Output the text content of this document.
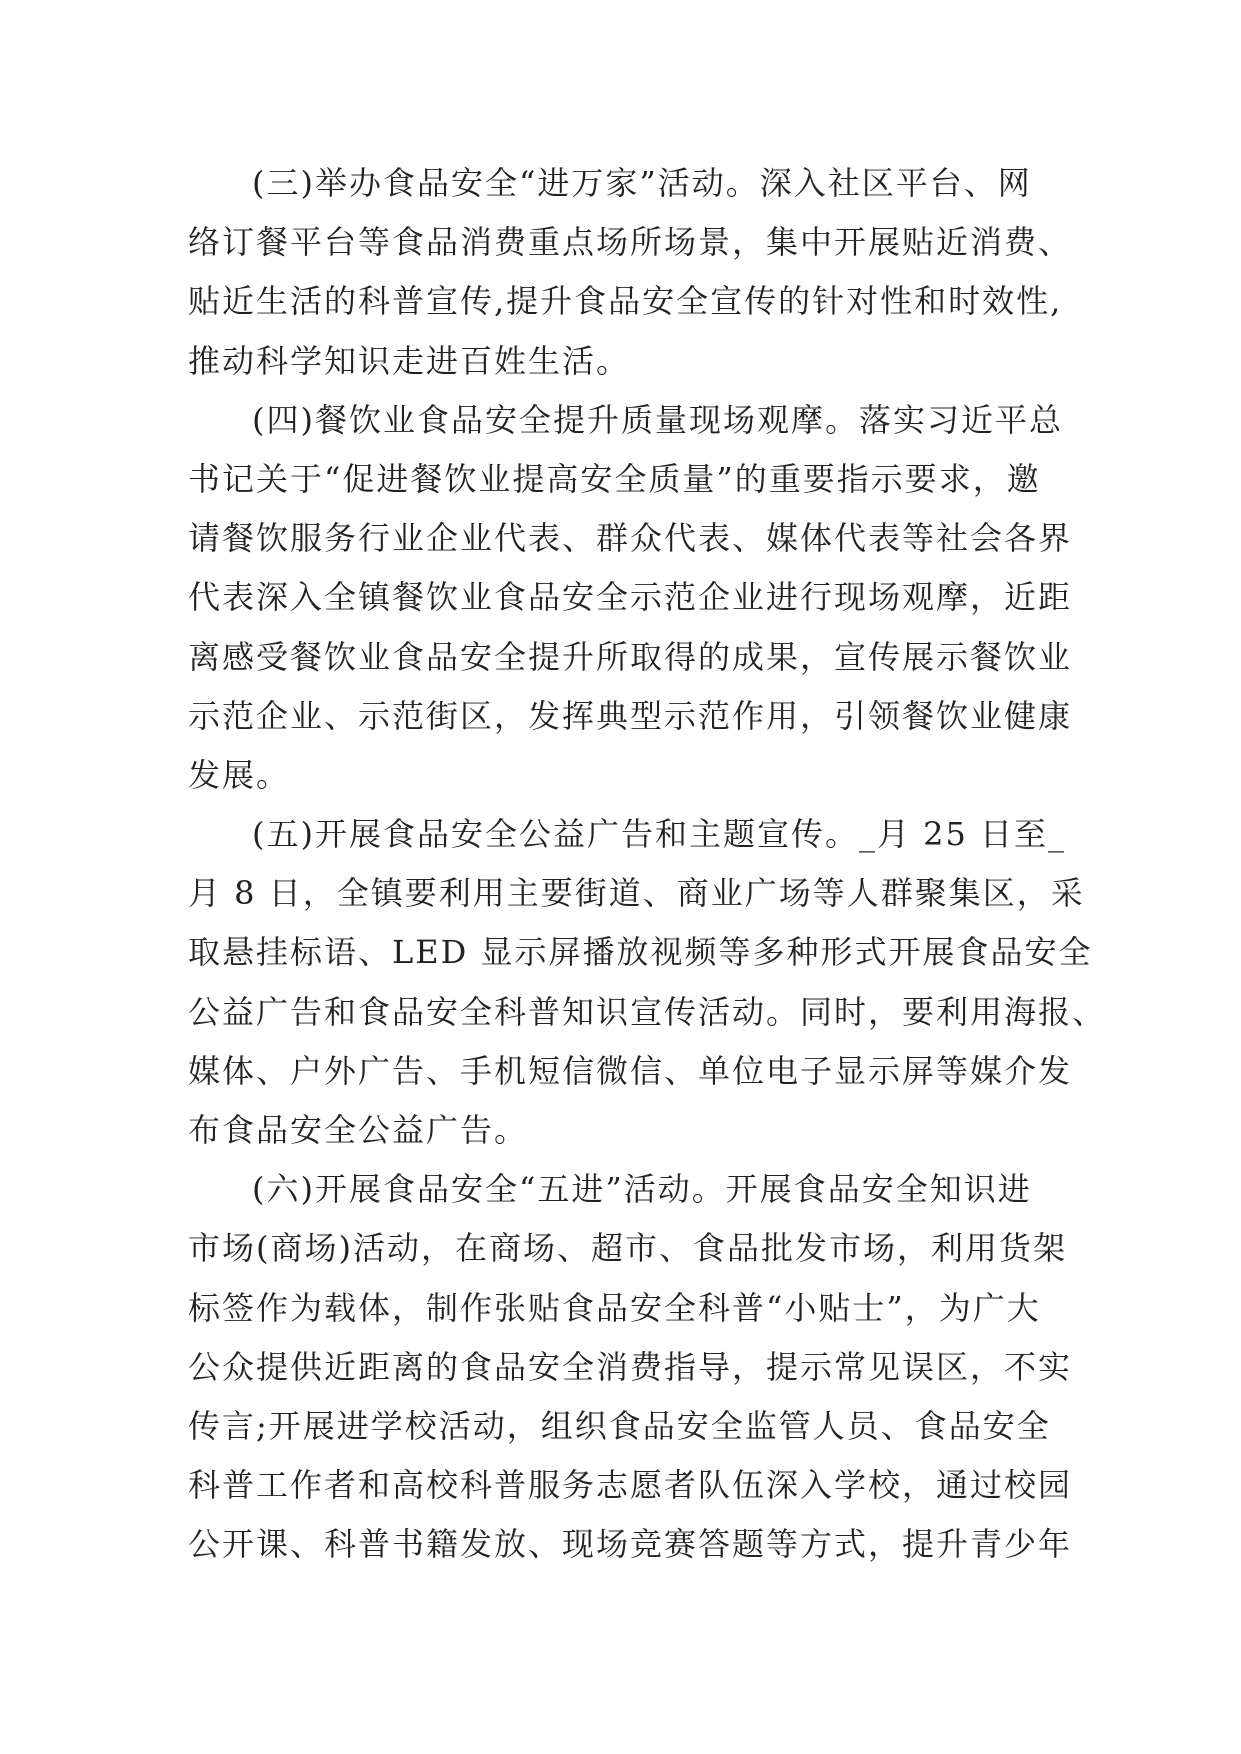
(三)举办食品安全“进万家”活动。深入社区平台、网
络订餐平台等食品消费重点场所场景，集中开展贴近消费、
贴近生活的科普宣传,提升食品安全宣传的针对性和时效性,
推动科学知识走进百姓生活。
(四)餐饮业食品安全提升质量现场观摩。落实习近平总
书记关于“促进餐饮业提高安全质量”的重要指示要求，邀
请餐饮服务行业企业代表、群众代表、媒体代表等社会各界
代表深入全镇餐饮业食品安全示范企业进行现场观摩，近距
离感受餐饮业食品安全提升所取得的成果，宣传展示餐饮业
示范企业、示范街区，发挥典型示范作用，引领餐饮业健康
发展。
(五)开展食品安全公益广告和主题宣传。_月 25 日至_
月 8 日，全镇要利用主要街道、商业广场等人群聚集区，采
取悬挂标语、LED 显示屏播放视频等多种形式开展食品安全
公益广告和食品安全科普知识宣传活动。同时，要利用海报、
媒体、户外广告、手机短信微信、单位电子显示屏等媒介发
布食品安全公益广告。
(六)开展食品安全“五进”活动。开展食品安全知识进
市场(商场)活动，在商场、超市、食品批发市场，利用货架
标签作为载体，制作张贴食品安全科普“小贴士”，为广大
公众提供近距离的食品安全消费指导，提示常见误区，不实
传言;开展进学校活动，组织食品安全监管人员、食品安全
科普工作者和高校科普服务志愿者队伍深入学校，通过校园
公开课、科普书籍发放、现场竞赛答题等方式，提升青少年
